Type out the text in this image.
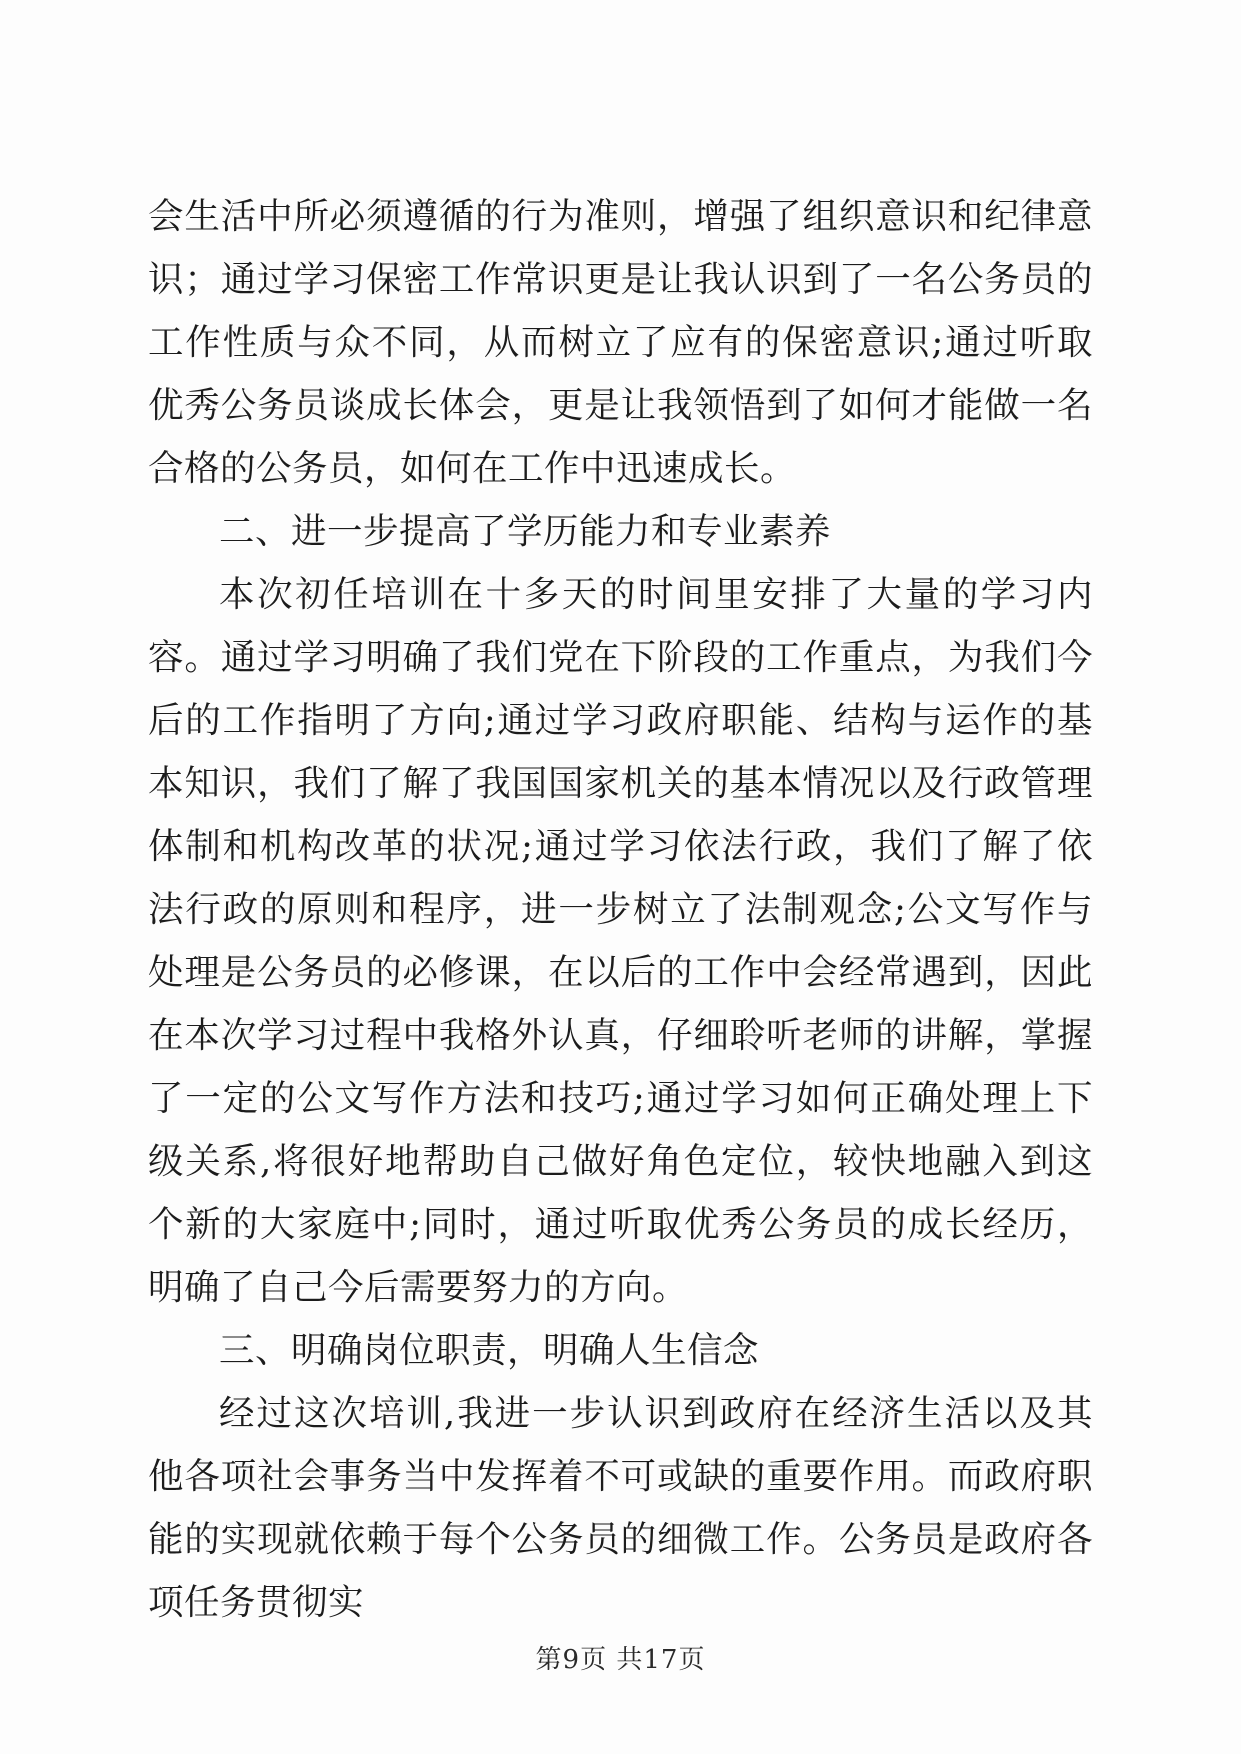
会生活中所必须遵循的行为准则，增强了组织意识和纪律意识；通过学习保密工作常识更是让我认识到了一名公务员的工作性质与众不同，从而树立了应有的保密意识;通过听取优秀公务员谈成长体会，更是让我领悟到了如何才能做一名合格的公务员，如何在工作中迅速成长。

二、进一步提高了学历能力和专业素养

本次初任培训在十多天的时间里安排了大量的学习内容。通过学习明确了我们党在下阶段的工作重点，为我们今后的工作指明了方向;通过学习政府职能、结构与运作的基本知识，我们了解了我国国家机关的基本情况以及行政管理体制和机构改革的状况;通过学习依法行政，我们了解了依法行政的原则和程序，进一步树立了法制观念;公文写作与处理是公务员的必修课，在以后的工作中会经常遇到，因此在本次学习过程中我格外认真，仔细聆听老师的讲解，掌握了一定的公文写作方法和技巧;通过学习如何正确处理上下级关系,将很好地帮助自己做好角色定位，较快地融入到这个新的大家庭中;同时，通过听取优秀公务员的成长经历，明确了自己今后需要努力的方向。

三、明确岗位职责，明确人生信念

经过这次培训,我进一步认识到政府在经济生活以及其他各项社会事务当中发挥着不可或缺的重要作用。而政府职能的实现就依赖于每个公务员的细微工作。公务员是政府各项任务贯彻实

第9页 共17页
